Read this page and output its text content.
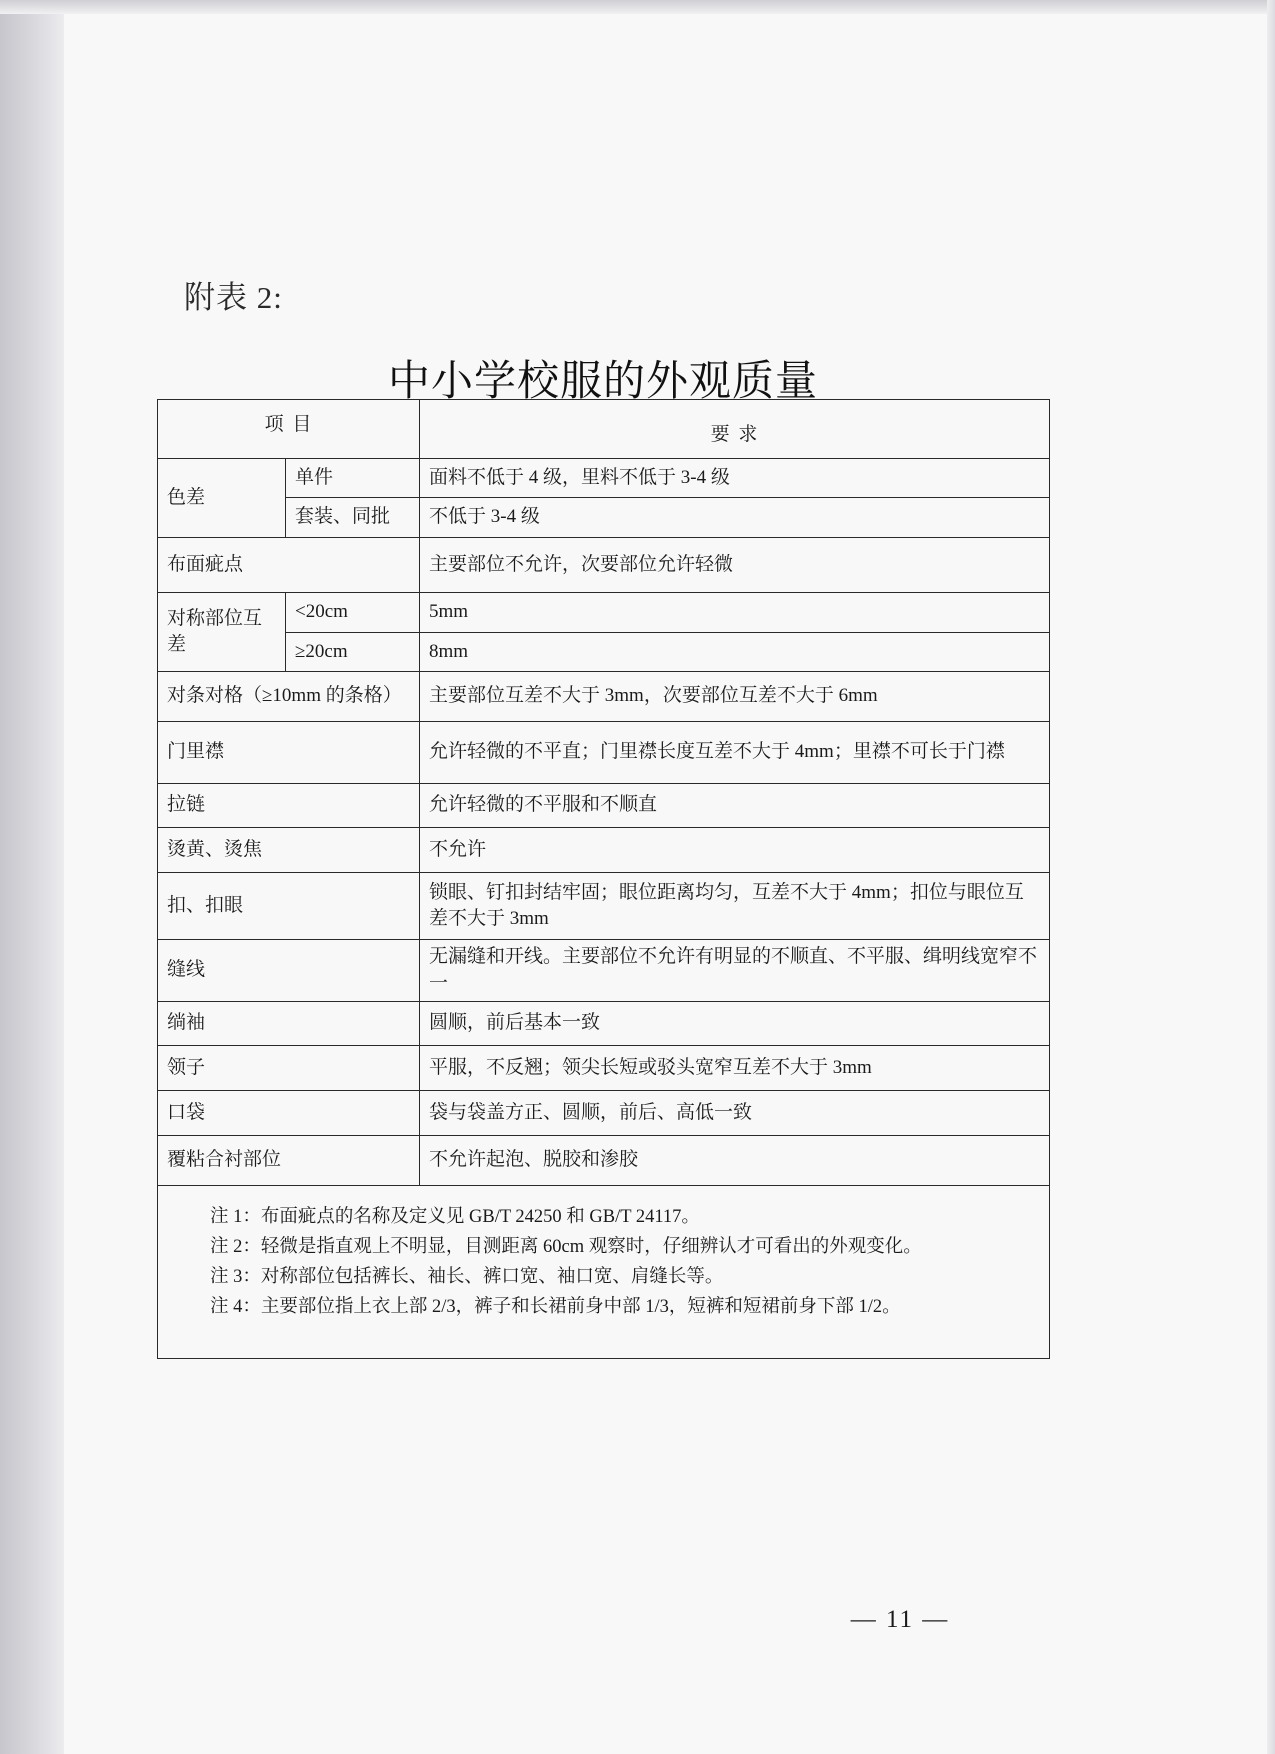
附表 2:
中小学校服的外观质量
项 目		要 求
色差	单件	面料不低于 4 级，里料不低于 3-4 级
	套装、同批	不低于 3-4 级
布面疵点		主要部位不允许，次要部位允许轻微
对称部位互差	<20cm	5mm
	≥20cm	8mm
对条对格（≥10mm 的条格）		主要部位互差不大于 3mm，次要部位互差不大于 6mm
门里襟		允许轻微的不平直；门里襟长度互差不大于 4mm；里襟不可长于门襟
拉链		允许轻微的不平服和不顺直
烫黄、烫焦		不允许
扣、扣眼		锁眼、钉扣封结牢固；眼位距离均匀，互差不大于 4mm；扣位与眼位互差不大于 3mm
缝线		无漏缝和开线。主要部位不允许有明显的不顺直、不平服、缉明线宽窄不一
绱袖		圆顺，前后基本一致
领子		平服，不反翘；领尖长短或驳头宽窄互差不大于 3mm
口袋		袋与袋盖方正、圆顺，前后、高低一致
覆粘合衬部位		不允许起泡、脱胶和渗胶

注 1：布面疵点的名称及定义见 GB/T 24250 和 GB/T 24117。
注 2：轻微是指直观上不明显，目测距离 60cm 观察时，仔细辨认才可看出的外观变化。
注 3：对称部位包括裤长、袖长、裤口宽、袖口宽、肩缝长等。
注 4：主要部位指上衣上部 2/3，裤子和长裙前身中部 1/3，短裤和短裙前身下部 1/2。		
— 11 —
